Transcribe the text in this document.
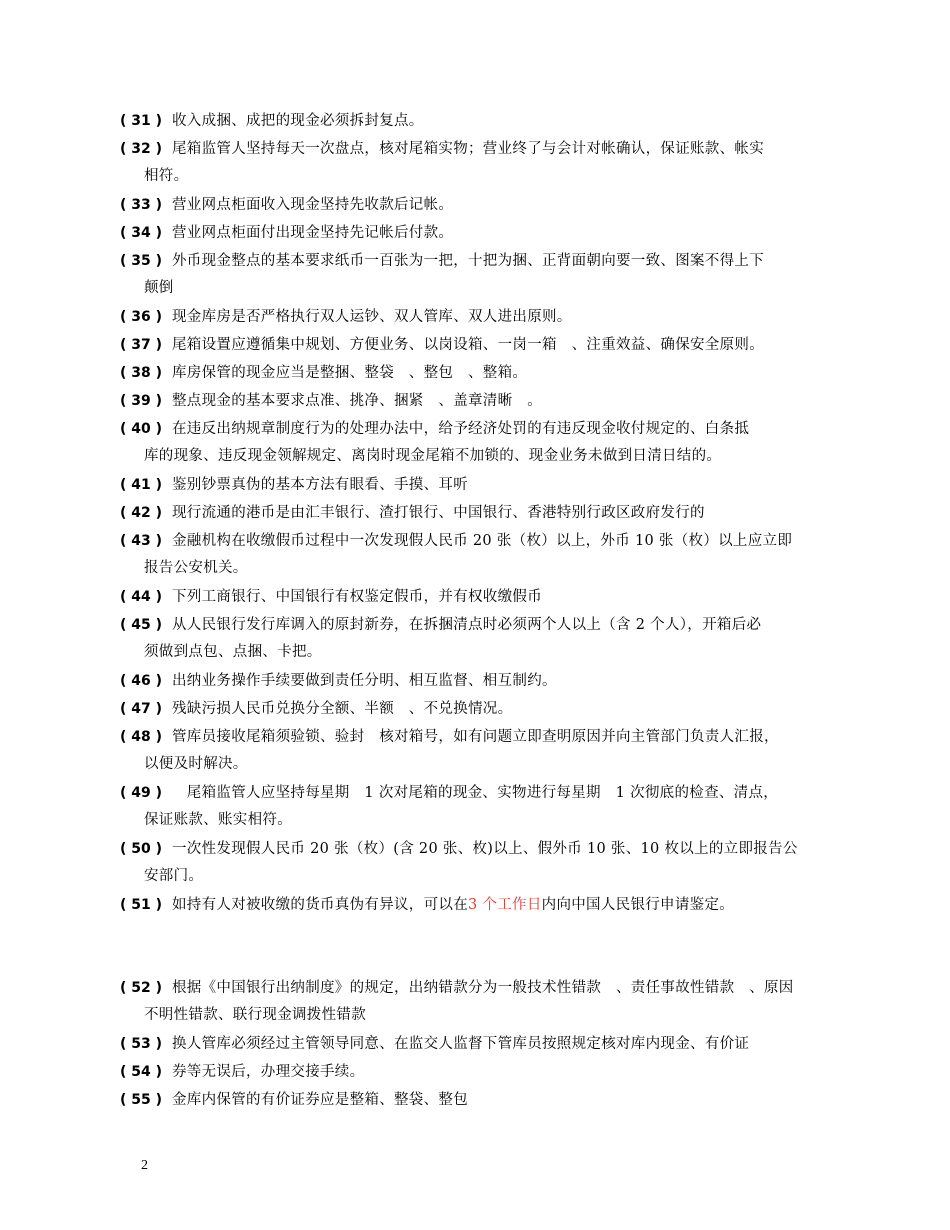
( 31 ) 收入成捆、成把的现金必须拆封复点。
( 32 ) 尾箱监管人坚持每天一次盘点，核对尾箱实物；营业终了与会计对帐确认，保证账款、帐实
相符。
( 33 ) 营业网点柜面收入现金坚持先收款后记帐。
( 34 ) 营业网点柜面付出现金坚持先记帐后付款。
( 35 ) 外币现金整点的基本要求纸币一百张为一把，十把为捆、正背面朝向要一致、图案不得上下
颠倒
( 36 ) 现金库房是否严格执行双人运钞、双人管库、双人进出原则。
( 37 ) 尾箱设置应遵循集中规划、方便业务、以岗设箱、一岗一箱　、注重效益、确保安全原则。
( 38 ) 库房保管的现金应当是整捆、整袋　、整包　、整箱。
( 39 ) 整点现金的基本要求点准、挑净、捆紧　、盖章清晰　。
( 40 ) 在违反出纳规章制度行为的处理办法中，给予经济处罚的有违反现金收付规定的、白条抵
库的现象、违反现金领解规定、离岗时现金尾箱不加锁的、现金业务未做到日清日结的。
( 41 ) 鉴别钞票真伪的基本方法有眼看、手摸、耳听
( 42 ) 现行流通的港币是由汇丰银行、渣打银行、中国银行、香港特别行政区政府发行的
( 43 ) 金融机构在收缴假币过程中一次发现假人民币 20 张（枚）以上，外币 10 张（枚）以上应立即
报告公安机关。
( 44 ) 下列工商银行、中国银行有权鉴定假币，并有权收缴假币
( 45 ) 从人民银行发行库调入的原封新券，在拆捆清点时必须两个人以上（含 2 个人），开箱后必
须做到点包、点捆、卡把。
( 46 ) 出纳业务操作手续要做到责任分明、相互监督、相互制约。
( 47 ) 残缺污损人民币兑换分全额、半额　、不兑换情况。
( 48 ) 管库员接收尾箱须验锁、验封　核对箱号，如有问题立即查明原因并向主管部门负责人汇报，
以便及时解决。
( 49 )　尾箱监管人应坚持每星期　1 次对尾箱的现金、实物进行每星期　1 次彻底的检查、清点，
保证账款、账实相符。
( 50 ) 一次性发现假人民币 20 张（枚）(含 20 张、枚)以上、假外币 10 张、10 枚以上的立即报告公
安部门。
( 51 ) 如持有人对被收缴的货币真伪有异议，可以在3 个工作日内向中国人民银行申请鉴定。
( 52 ) 根据《中国银行出纳制度》的规定，出纳错款分为一般技术性错款　、责任事故性错款　、原因
不明性错款、联行现金调拨性错款
( 53 ) 换人管库必须经过主管领导同意、在监交人监督下管库员按照规定核对库内现金、有价证
( 54 ) 券等无误后，办理交接手续。
( 55 ) 金库内保管的有价证券应是整箱、整袋、整包
2
